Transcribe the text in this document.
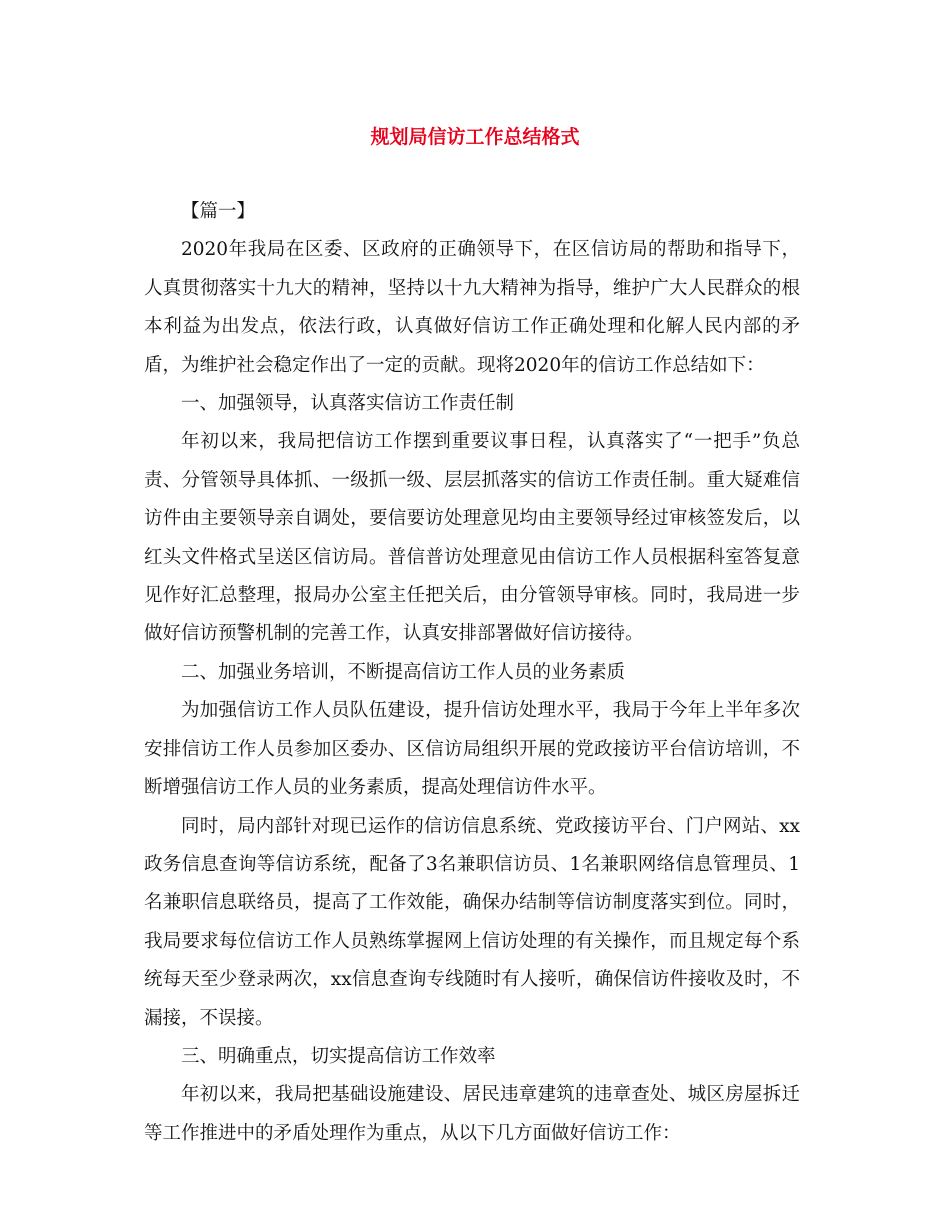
规划局信访工作总结格式

【篇一】

2020年我局在区委、区政府的正确领导下，在区信访局的帮助和指导下，人真贯彻落实十九大的精神，坚持以十九大精神为指导，维护广大人民群众的根本利益为出发点，依法行政，认真做好信访工作正确处理和化解人民内部的矛盾，为维护社会稳定作出了一定的贡献。现将2020年的信访工作总结如下：

一、加强领导，认真落实信访工作责任制

年初以来，我局把信访工作摆到重要议事日程，认真落实了“一把手”负总责、分管领导具体抓、一级抓一级、层层抓落实的信访工作责任制。重大疑难信访件由主要领导亲自调处，要信要访处理意见均由主要领导经过审核签发后，以红头文件格式呈送区信访局。普信普访处理意见由信访工作人员根据科室答复意见作好汇总整理，报局办公室主任把关后，由分管领导审核。同时，我局进一步做好信访预警机制的完善工作，认真安排部署做好信访接待。

二、加强业务培训，不断提高信访工作人员的业务素质

为加强信访工作人员队伍建设，提升信访处理水平，我局于今年上半年多次安排信访工作人员参加区委办、区信访局组织开展的党政接访平台信访培训，不断增强信访工作人员的业务素质，提高处理信访件水平。

同时，局内部针对现已运作的信访信息系统、党政接访平台、门户网站、xx政务信息查询等信访系统，配备了3名兼职信访员、1名兼职网络信息管理员、1名兼职信息联络员，提高了工作效能，确保办结制等信访制度落实到位。同时，我局要求每位信访工作人员熟练掌握网上信访处理的有关操作，而且规定每个系统每天至少登录两次，xx信息查询专线随时有人接听，确保信访件接收及时，不漏接，不误接。

三、明确重点，切实提高信访工作效率

年初以来，我局把基础设施建设、居民违章建筑的违章查处、城区房屋拆迁等工作推进中的矛盾处理作为重点，从以下几方面做好信访工作：
